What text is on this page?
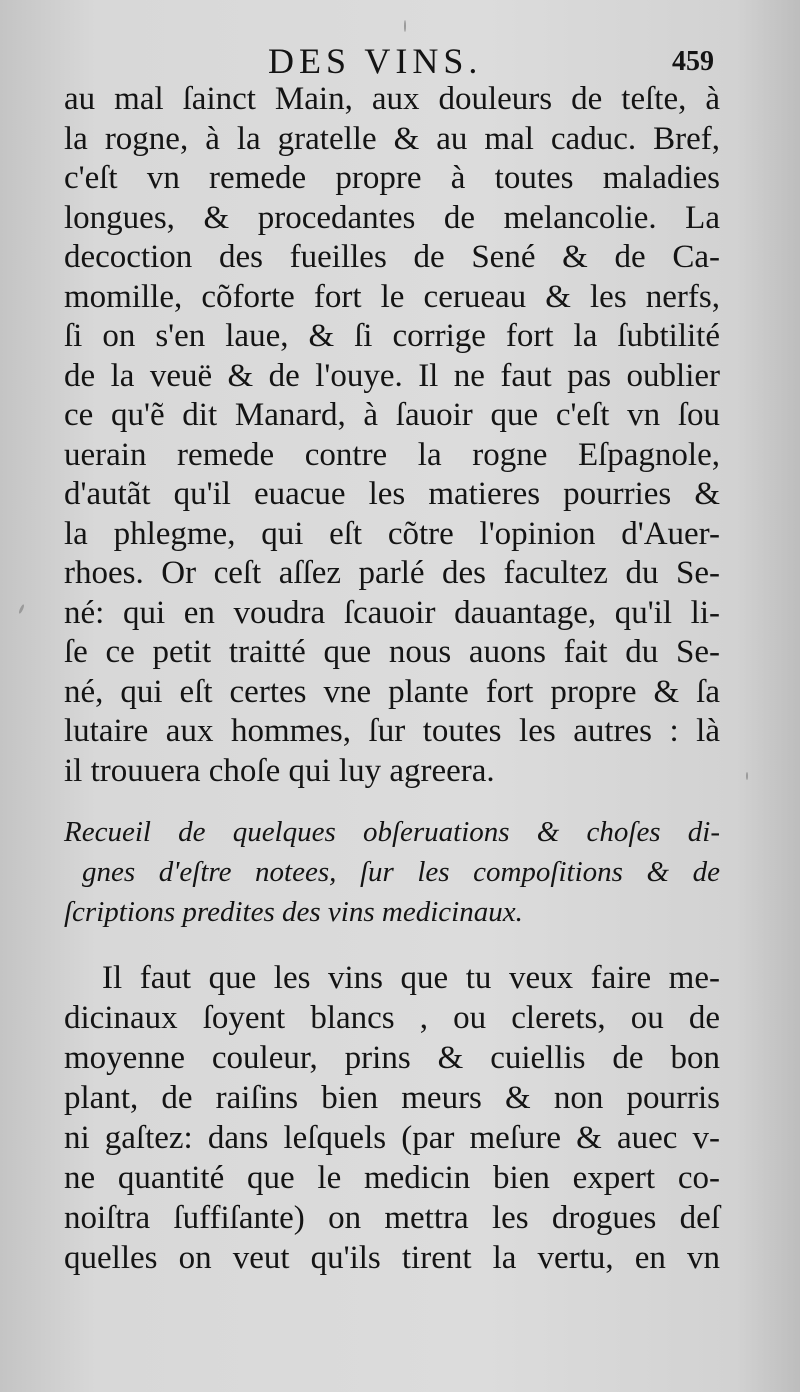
DES VINS.	459
au mal ſainct Main, aux douleurs de teſte, à
la rogne, à la gratelle & au mal caduc. Bref,
c'eſt vn remede propre à toutes maladies
longues, & procedantes de melancolie. La
decoction des fueilles de Sené & de Ca-
momille, cõforte fort le cerueau & les nerfs,
ſi on s'en laue, & ſi corrige fort la ſubtilité
de la veuë & de l'ouye. Il ne faut pas oublier
ce qu'ẽ dit Manard, à ſauoir que c'eſt vn ſou
uerain remede contre la rogne Eſpagnole,
d'autãt qu'il euacue les matieres pourries &
la phlegme, qui eſt cõtre l'opinion d'Auer-
rhoes. Or ceſt aſſez parlé des facultez du Se-
né: qui en voudra ſcauoir dauantage, qu'il li-
ſe ce petit traitté que nous auons fait du Se-
né, qui eſt certes vne plante fort propre & ſa
lutaire aux hommes, ſur toutes les autres : là
il trouuera choſe qui luy agreera.
Recueil de quelques obſeruations & choſes di-
gnes d'eſtre notees, ſur les compoſitions & de
ſcriptions predites des vins medicinaux.
Il faut que les vins que tu veux faire me-
dicinaux ſoyent blancs , ou clerets, ou de
moyenne couleur, prins & cuiellis de bon
plant, de raiſins bien meurs & non pourris
ni gaſtez: dans leſquels (par meſure & auec v-
ne quantité que le medicin bien expert co-
noiſtra ſuffiſante) on mettra les drogues deſ
quelles on veut qu'ils tirent la vertu, en vn
